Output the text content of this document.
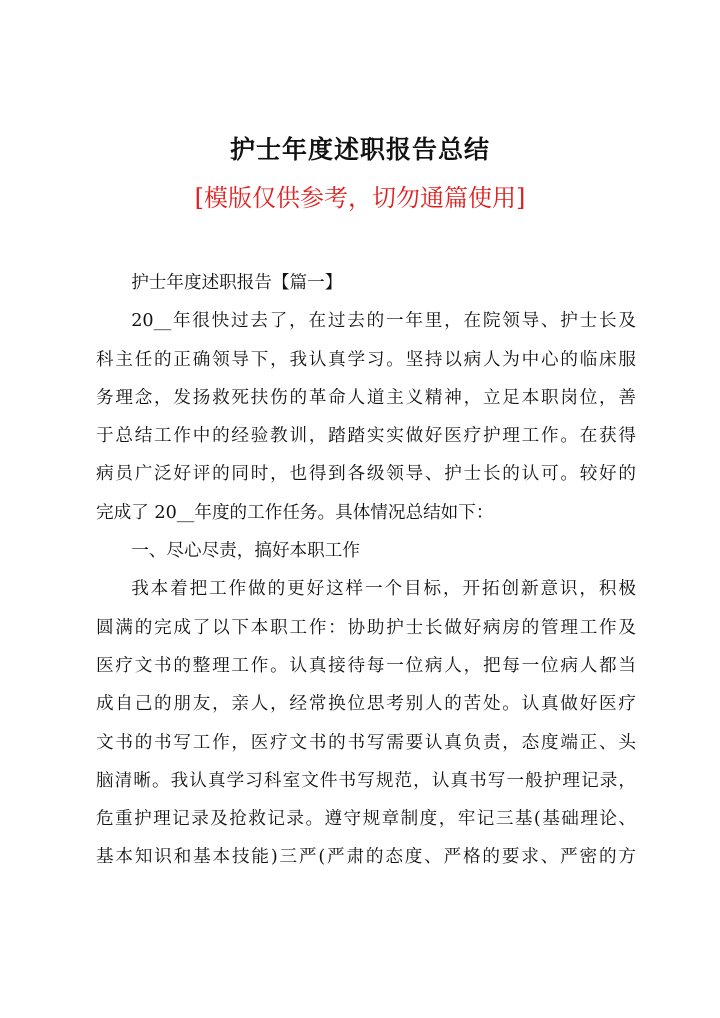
护士年度述职报告总结
[模版仅供参考，切勿通篇使用]

护士年度述职报告【篇一】

20__年很快过去了，在过去的一年里，在院领导、护士长及
科主任的正确领导下，我认真学习。坚持以病人为中心的临床服
务理念，发扬救死扶伤的革命人道主义精神，立足本职岗位，善
于总结工作中的经验教训，踏踏实实做好医疗护理工作。在获得
病员广泛好评的同时，也得到各级领导、护士长的认可。较好的
完成了 20__年度的工作任务。具体情况总结如下：

一、尽心尽责，搞好本职工作

我本着把工作做的更好这样一个目标，开拓创新意识，积极
圆满的完成了以下本职工作：协助护士长做好病房的管理工作及
医疗文书的整理工作。认真接待每一位病人，把每一位病人都当
成自己的朋友，亲人，经常换位思考别人的苦处。认真做好医疗
文书的书写工作，医疗文书的书写需要认真负责，态度端正、头
脑清晰。我认真学习科室文件书写规范，认真书写一般护理记录，
危重护理记录及抢救记录。遵守规章制度，牢记三基(基础理论、
基本知识和基本技能)三严(严肃的态度、严格的要求、严密的方
